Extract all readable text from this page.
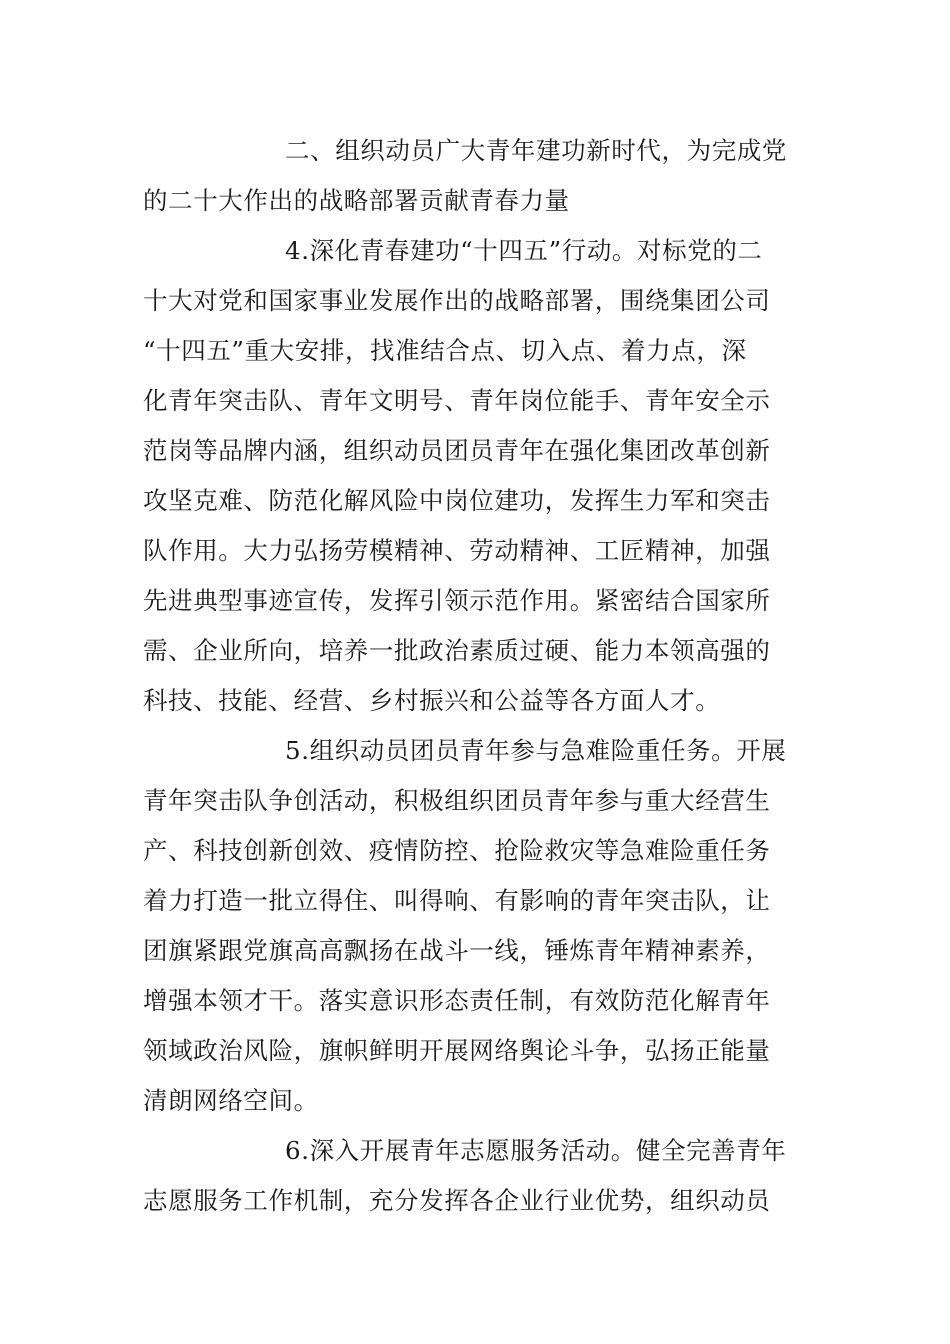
二、组织动员广大青年建功新时代，为完成党
的二十大作出的战略部署贡献青春力量
4.深化青春建功“十四五”行动。对标党的二
十大对党和国家事业发展作出的战略部署，围绕集团公司
“十四五”重大安排，找准结合点、切入点、着力点，深
化青年突击队、青年文明号、青年岗位能手、青年安全示
范岗等品牌内涵，组织动员团员青年在强化集团改革创新
攻坚克难、防范化解风险中岗位建功，发挥生力军和突击
队作用。大力弘扬劳模精神、劳动精神、工匠精神，加强
先进典型事迹宣传，发挥引领示范作用。紧密结合国家所
需、企业所向，培养一批政治素质过硬、能力本领高强的
科技、技能、经营、乡村振兴和公益等各方面人才。
5.组织动员团员青年参与急难险重任务。开展
青年突击队争创活动，积极组织团员青年参与重大经营生
产、科技创新创效、疫情防控、抢险救灾等急难险重任务
着力打造一批立得住、叫得响、有影响的青年突击队，让
团旗紧跟党旗高高飘扬在战斗一线，锤炼青年精神素养，
增强本领才干。落实意识形态责任制，有效防范化解青年
领域政治风险，旗帜鲜明开展网络舆论斗争，弘扬正能量
清朗网络空间。
6.深入开展青年志愿服务活动。健全完善青年
志愿服务工作机制，充分发挥各企业行业优势，组织动员
